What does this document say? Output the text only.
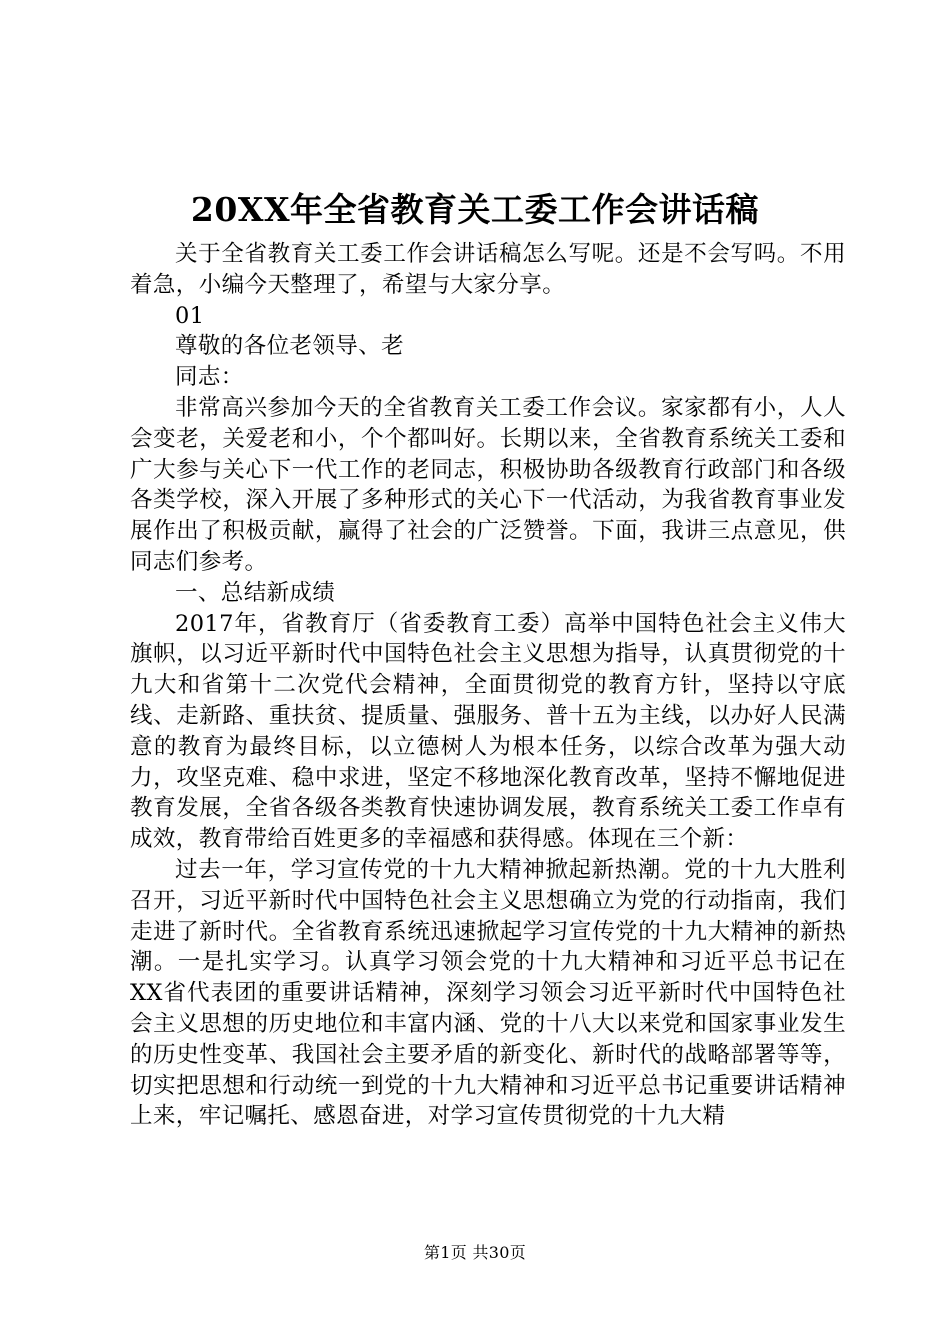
20XX年全省教育关工委工作会讲话稿

关于全省教育关工委工作会讲话稿怎么写呢。还是不会写吗。不用着急，小编今天整理了，希望与大家分享。

01

尊敬的各位老领导、老

同志：

非常高兴参加今天的全省教育关工委工作会议。家家都有小，人人会变老，关爱老和小，个个都叫好。长期以来，全省教育系统关工委和广大参与关心下一代工作的老同志，积极协助各级教育行政部门和各级各类学校，深入开展了多种形式的关心下一代活动，为我省教育事业发展作出了积极贡献，赢得了社会的广泛赞誉。下面，我讲三点意见，供同志们参考。

一、总结新成绩

2017年，省教育厅（省委教育工委）高举中国特色社会主义伟大旗帜，以习近平新时代中国特色社会主义思想为指导，认真贯彻党的十九大和省第十二次党代会精神，全面贯彻党的教育方针，坚持以守底线、走新路、重扶贫、提质量、强服务、普十五为主线，以办好人民满意的教育为最终目标，以立德树人为根本任务，以综合改革为强大动力，攻坚克难、稳中求进，坚定不移地深化教育改革，坚持不懈地促进教育发展，全省各级各类教育快速协调发展，教育系统关工委工作卓有成效，教育带给百姓更多的幸福感和获得感。体现在三个新：

过去一年，学习宣传党的十九大精神掀起新热潮。党的十九大胜利召开，习近平新时代中国特色社会主义思想确立为党的行动指南，我们走进了新时代。全省教育系统迅速掀起学习宣传党的十九大精神的新热潮。一是扎实学习。认真学习领会党的十九大精神和习近平总书记在XX省代表团的重要讲话精神，深刻学习领会习近平新时代中国特色社会主义思想的历史地位和丰富内涵、党的十八大以来党和国家事业发生的历史性变革、我国社会主要矛盾的新变化、新时代的战略部署等等，切实把思想和行动统一到党的十九大精神和习近平总书记重要讲话精神上来，牢记嘱托、感恩奋进，对学习宣传贯彻党的十九大精

第1页 共30页
